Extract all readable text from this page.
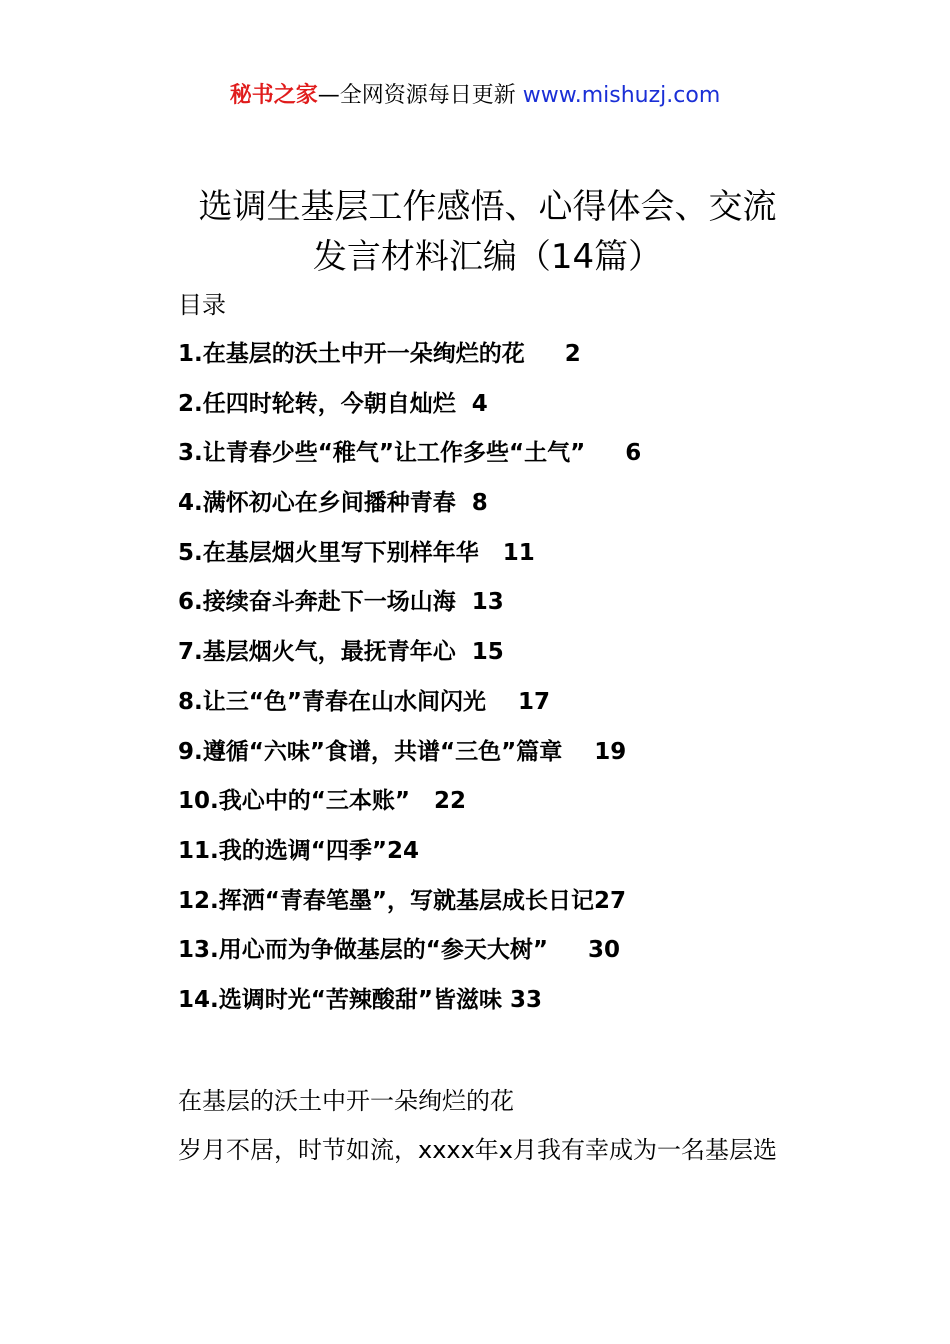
秘书之家—全网资源每日更新 www.mishuzj.com
选调生基层工作感悟、心得体会、交流
发言材料汇编（14篇）
目录
1.在基层的沃土中开一朵绚烂的花 2
2.任四时轮转，今朝自灿烂 4
3.让青春少些“稚气”让工作多些“土气” 6
4.满怀初心在乡间播种青春 8
5.在基层烟火里写下别样年华 11
6.接续奋斗奔赴下一场山海 13
7.基层烟火气，最抚青年心 15
8.让三“色”青春在山水间闪光 17
9.遵循“六味”食谱，共谱“三色”篇章 19
10.我心中的“三本账” 22
11.我的选调“四季”24
12.挥洒“青春笔墨”，写就基层成长日记27
13.用心而为争做基层的“参天大树” 30
14.选调时光“苦辣酸甜”皆滋味 33
在基层的沃土中开一朵绚烂的花
岁月不居，时节如流，xxxx年x月我有幸成为一名基层选
